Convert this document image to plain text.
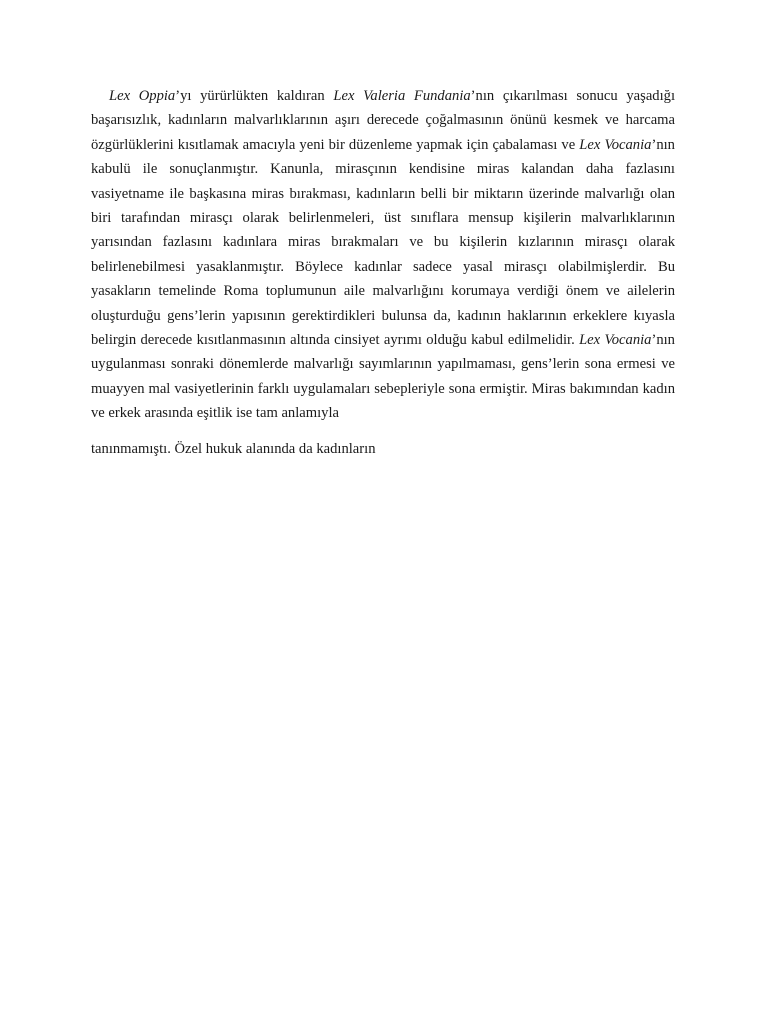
Lex Oppia’yı yürürlükten kaldıran Lex Valeria Fundania’nın çıkarılması sonucu yaşadığı başarısızlık, kadınların malvarlıklarının aşırı derecede çoğalmasının önünü kesmek ve harcama özgürlüklerini kısıtlamak amacıyla yeni bir düzenleme yapmak için çabalaması ve Lex Vocania’nın kabulü ile sonuçlanmıştır. Kanunla, mirasçının kendisine miras kalandan daha fazlasını vasiyetname ile başkasına miras bırakması, kadınların belli bir miktarın üzerinde malvarlığı olan biri tarafından mirasçı olarak belirlenmeleri, üst sınıflara mensup kişilerin malvarlıklarının yarısından fazlasını kadınlara miras bırakmaları ve bu kişilerin kızlarının mirasçı olarak belirlenebilmesi yasaklanmıştır. Böylece kadınlar sadece yasal mirasçı olabilmişlerdir. Bu yasakların temelinde Roma toplumunun aile malvarlığını korumaya verdiği önem ve ailelerin oluşturduğu gens’lerin yapısının gerektirdikleri bulunsa da, kadının haklarının erkeklere kıyasla belirgin derecede kısıtlanmasının altında cinsiyet ayrımı olduğu kabul edilmelidir. Lex Vocania’nın uygulanması sonraki dönemlerde malvarlığı sayımlarının yapılmaması, gens’lerin sona ermesi ve muayyen mal vasiyetlerinin farklı uygulamaları sebepleriyle sona ermiştir. Miras bakımından kadın ve erkek arasında eşitlik ise tam anlamıyla

tanınmamıştı. Özel hukuk alanında da kadınların
